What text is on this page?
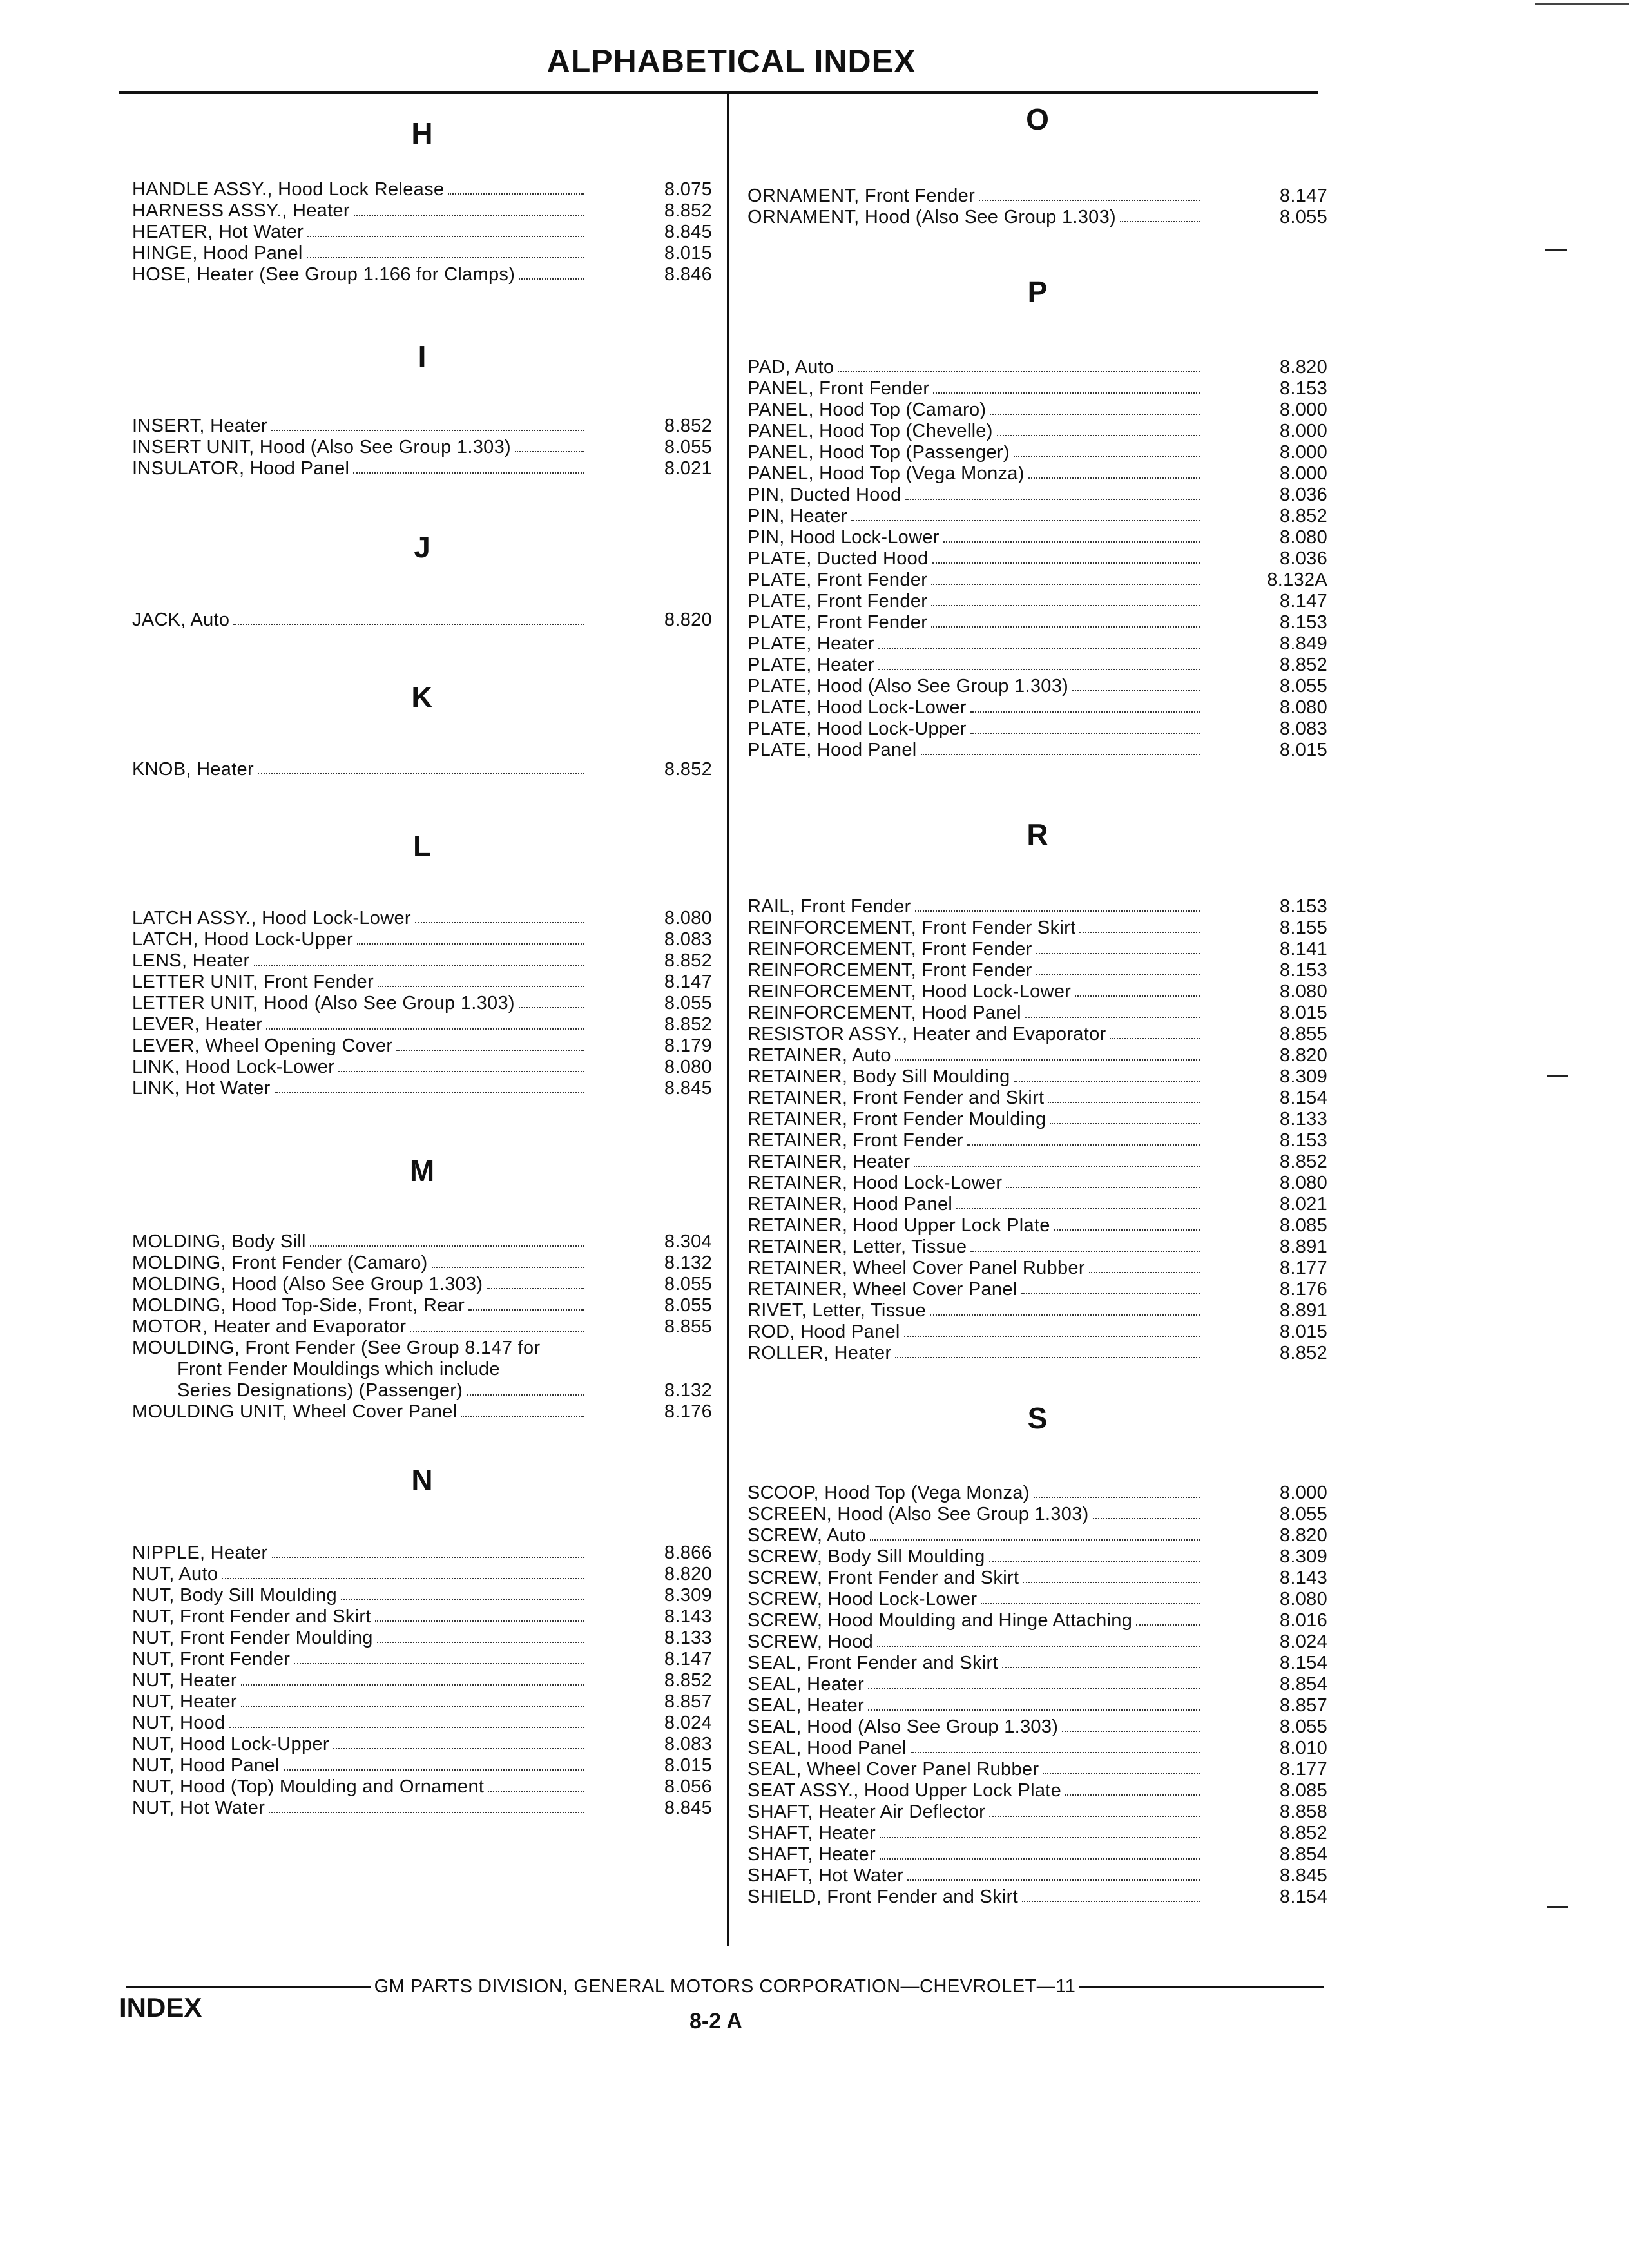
ALPHABETICAL INDEX
H
HANDLE ASSY., Hood Lock Release	8.075
HARNESS ASSY., Heater	8.852
HEATER, Hot Water	8.845
HINGE, Hood Panel	8.015
HOSE, Heater (See Group 1.166 for Clamps)	8.846
I
INSERT, Heater	8.852
INSERT UNIT, Hood (Also See Group 1.303)	8.055
INSULATOR, Hood Panel	8.021
J
JACK, Auto	8.820
K
KNOB, Heater	8.852
L
LATCH ASSY., Hood Lock-Lower	8.080
LATCH, Hood Lock-Upper	8.083
LENS, Heater	8.852
LETTER UNIT, Front Fender	8.147
LETTER UNIT, Hood (Also See Group 1.303)	8.055
LEVER, Heater	8.852
LEVER, Wheel Opening Cover	8.179
LINK, Hood Lock-Lower	8.080
LINK, Hot Water	8.845
M
MOLDING, Body Sill	8.304
MOLDING, Front Fender (Camaro)	8.132
MOLDING, Hood (Also See Group 1.303)	8.055
MOLDING, Hood Top-Side, Front, Rear	8.055
MOTOR, Heater and Evaporator	8.855
MOULDING, Front Fender (See Group 8.147 for
Front Fender Mouldings which include
Series Designations) (Passenger)	8.132
MOULDING UNIT, Wheel Cover Panel	8.176
N
NIPPLE, Heater	8.866
NUT, Auto	8.820
NUT, Body Sill Moulding	8.309
NUT, Front Fender and Skirt	8.143
NUT, Front Fender Moulding	8.133
NUT, Front Fender	8.147
NUT, Heater	8.852
NUT, Heater	8.857
NUT, Hood	8.024
NUT, Hood Lock-Upper	8.083
NUT, Hood Panel	8.015
NUT, Hood (Top) Moulding and Ornament	8.056
NUT, Hot Water	8.845
O
ORNAMENT, Front Fender	8.147
ORNAMENT, Hood (Also See Group 1.303)	8.055
P
PAD, Auto	8.820
PANEL, Front Fender	8.153
PANEL, Hood Top (Camaro)	8.000
PANEL, Hood Top (Chevelle)	8.000
PANEL, Hood Top (Passenger)	8.000
PANEL, Hood Top (Vega Monza)	8.000
PIN, Ducted Hood	8.036
PIN, Heater	8.852
PIN, Hood Lock-Lower	8.080
PLATE, Ducted Hood	8.036
PLATE, Front Fender	8.132A
PLATE, Front Fender	8.147
PLATE, Front Fender	8.153
PLATE, Heater	8.849
PLATE, Heater	8.852
PLATE, Hood (Also See Group 1.303)	8.055
PLATE, Hood Lock-Lower	8.080
PLATE, Hood Lock-Upper	8.083
PLATE, Hood Panel	8.015
R
RAIL, Front Fender	8.153
REINFORCEMENT, Front Fender Skirt	8.155
REINFORCEMENT, Front Fender	8.141
REINFORCEMENT, Front Fender	8.153
REINFORCEMENT, Hood Lock-Lower	8.080
REINFORCEMENT, Hood Panel	8.015
RESISTOR ASSY., Heater and Evaporator	8.855
RETAINER, Auto	8.820
RETAINER, Body Sill Moulding	8.309
RETAINER, Front Fender and Skirt	8.154
RETAINER, Front Fender Moulding	8.133
RETAINER, Front Fender	8.153
RETAINER, Heater	8.852
RETAINER, Hood Lock-Lower	8.080
RETAINER, Hood Panel	8.021
RETAINER, Hood Upper Lock Plate	8.085
RETAINER, Letter, Tissue	8.891
RETAINER, Wheel Cover Panel Rubber	8.177
RETAINER, Wheel Cover Panel	8.176
RIVET, Letter, Tissue	8.891
ROD, Hood Panel	8.015
ROLLER, Heater	8.852
S
SCOOP, Hood Top (Vega Monza)	8.000
SCREEN, Hood (Also See Group 1.303)	8.055
SCREW, Auto	8.820
SCREW, Body Sill Moulding	8.309
SCREW, Front Fender and Skirt	8.143
SCREW, Hood Lock-Lower	8.080
SCREW, Hood Moulding and Hinge Attaching	8.016
SCREW, Hood	8.024
SEAL, Front Fender and Skirt	8.154
SEAL, Heater	8.854
SEAL, Heater	8.857
SEAL, Hood (Also See Group 1.303)	8.055
SEAL, Hood Panel	8.010
SEAL, Wheel Cover Panel Rubber	8.177
SEAT ASSY., Hood Upper Lock Plate	8.085
SHAFT, Heater Air Deflector	8.858
SHAFT, Heater	8.852
SHAFT, Heater	8.854
SHAFT, Hot Water	8.845
SHIELD, Front Fender and Skirt	8.154
GM PARTS DIVISION, GENERAL MOTORS CORPORATION—CHEVROLET—11
INDEX	8-2 A
